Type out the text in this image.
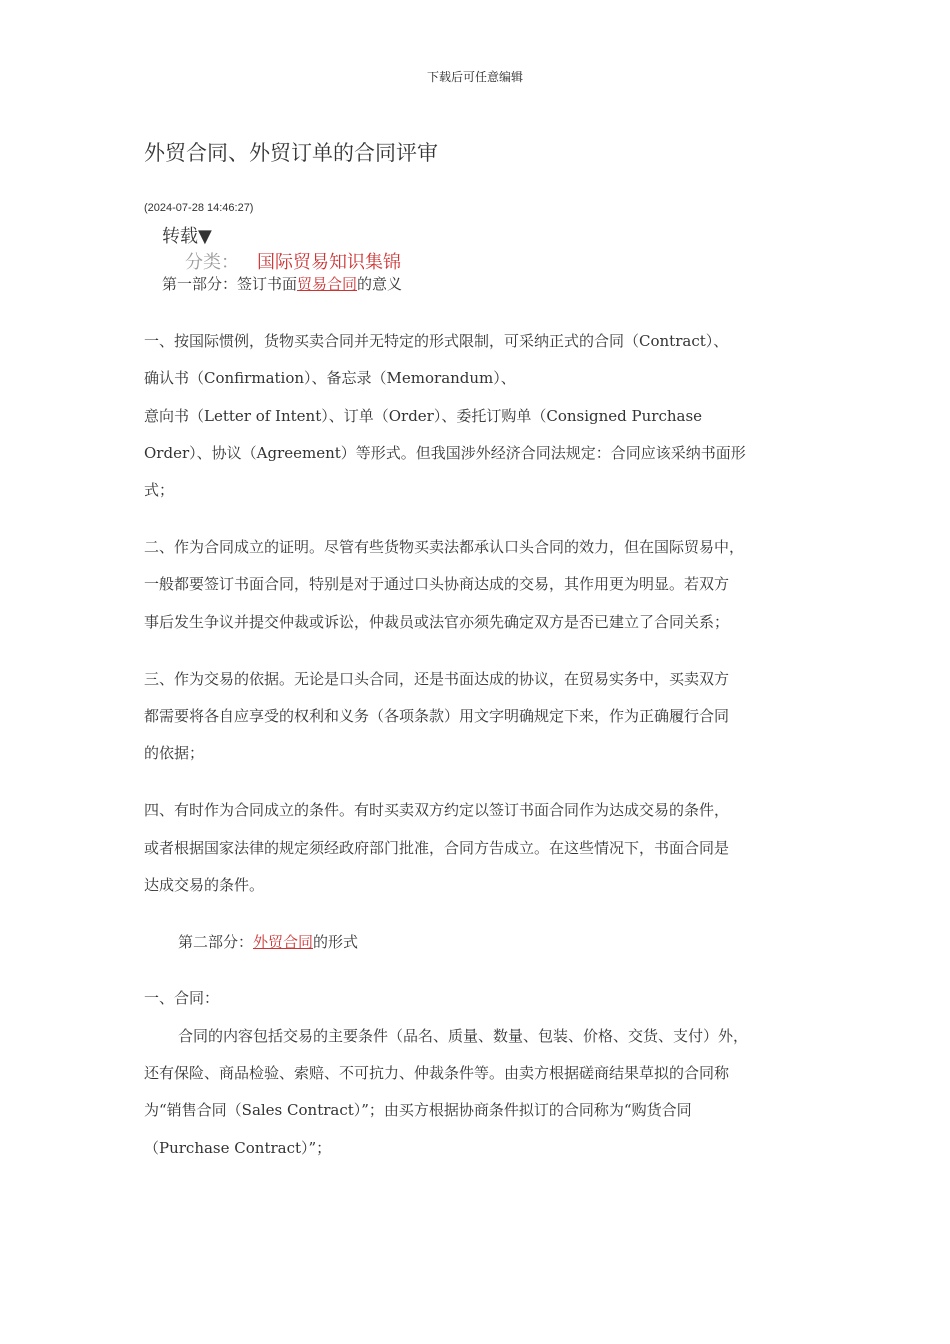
下载后可任意编辑
外贸合同、外贸订单的合同评审
(2024-07-28 14:46:27)
转载▼
分类： 国际贸易知识集锦
第一部分：签订书面贸易合同的意义
一、按国际惯例，货物买卖合同并无特定的形式限制，可采纳正式的合同（Contract）、
确认书（Confirmation）、备忘录（Memorandum）、
意向书（Letter of Intent）、订单（Order）、委托订购单（Consigned Purchase
Order）、协议（Agreement）等形式。但我国涉外经济合同法规定：合同应该采纳书面形
式；
二、作为合同成立的证明。尽管有些货物买卖法都承认口头合同的效力，但在国际贸易中，
一般都要签订书面合同，特别是对于通过口头协商达成的交易，其作用更为明显。若双方
事后发生争议并提交仲裁或诉讼，仲裁员或法官亦须先确定双方是否已建立了合同关系；
三、作为交易的依据。无论是口头合同，还是书面达成的协议，在贸易实务中，买卖双方
都需要将各自应享受的权利和义务（各项条款）用文字明确规定下来，作为正确履行合同
的依据；
四、有时作为合同成立的条件。有时买卖双方约定以签订书面合同作为达成交易的条件，
或者根据国家法律的规定须经政府部门批准，合同方告成立。在这些情况下，书面合同是
达成交易的条件。
第二部分：外贸合同的形式
一、合同：
合同的内容包括交易的主要条件（品名、质量、数量、包装、价格、交货、支付）外，
还有保险、商品检验、索赔、不可抗力、仲裁条件等。由卖方根据磋商结果草拟的合同称
为“销售合同（Sales Contract）”；由买方根据协商条件拟订的合同称为“购货合同
（Purchase Contract）”；
